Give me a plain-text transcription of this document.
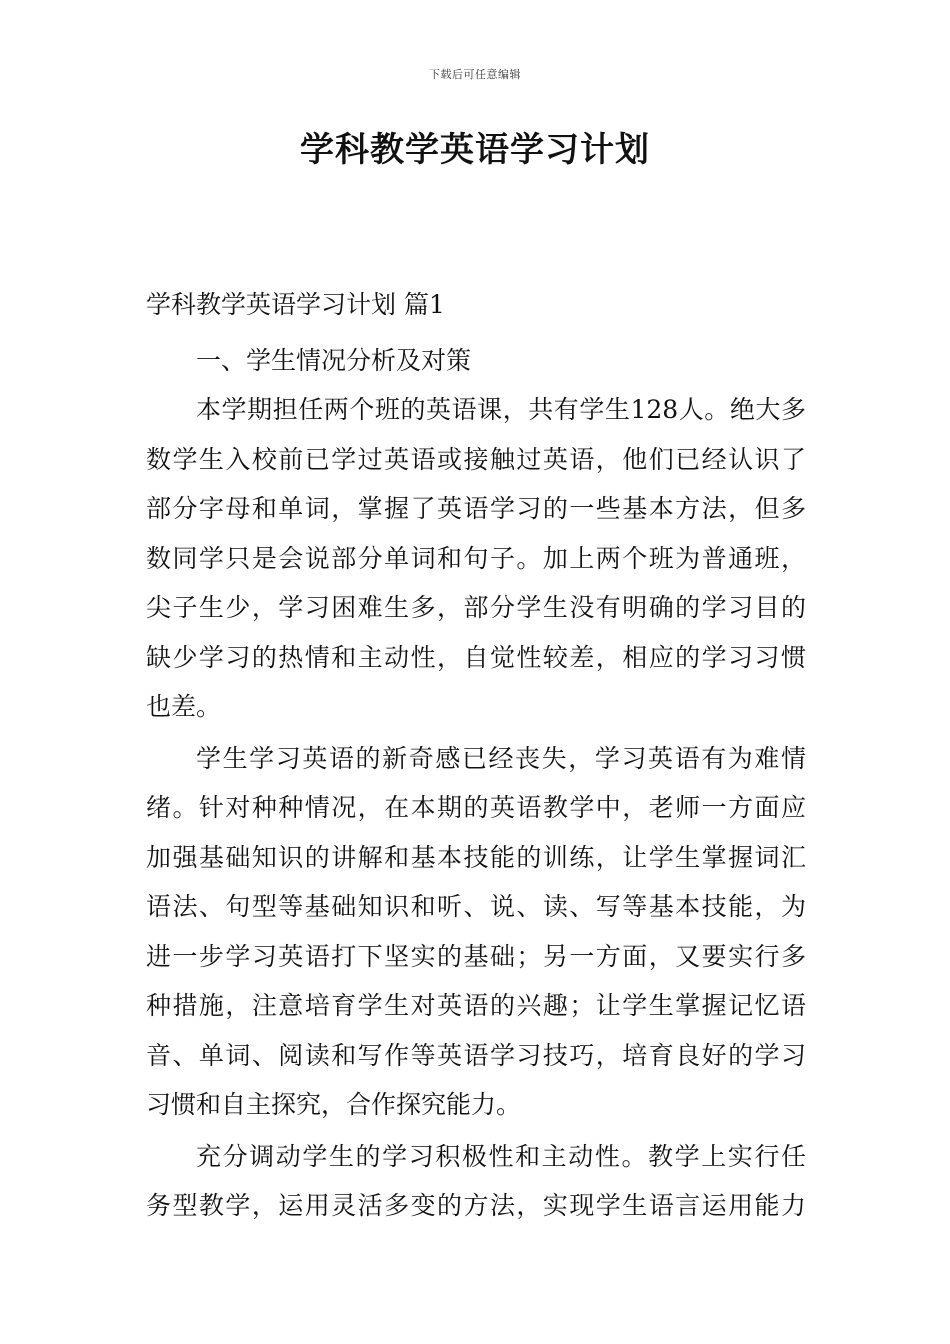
下载后可任意编辑
学科教学英语学习计划
学科教学英语学习计划 篇1
一、学生情况分析及对策
本学期担任两个班的英语课，共有学生128人。绝大多
数学生入校前已学过英语或接触过英语，他们已经认识了
部分字母和单词，掌握了英语学习的一些基本方法，但多
数同学只是会说部分单词和句子。加上两个班为普通班，
尖子生少，学习困难生多，部分学生没有明确的学习目的
缺少学习的热情和主动性，自觉性较差，相应的学习习惯
也差。
学生学习英语的新奇感已经丧失，学习英语有为难情
绪。针对种种情况，在本期的英语教学中，老师一方面应
加强基础知识的讲解和基本技能的训练，让学生掌握词汇
语法、句型等基础知识和听、说、读、写等基本技能，为
进一步学习英语打下坚实的基础；另一方面，又要实行多
种措施，注意培育学生对英语的兴趣；让学生掌握记忆语
音、单词、阅读和写作等英语学习技巧，培育良好的学习
习惯和自主探究，合作探究能力。
充分调动学生的学习积极性和主动性。教学上实行任
务型教学，运用灵活多变的方法，实现学生语言运用能力
